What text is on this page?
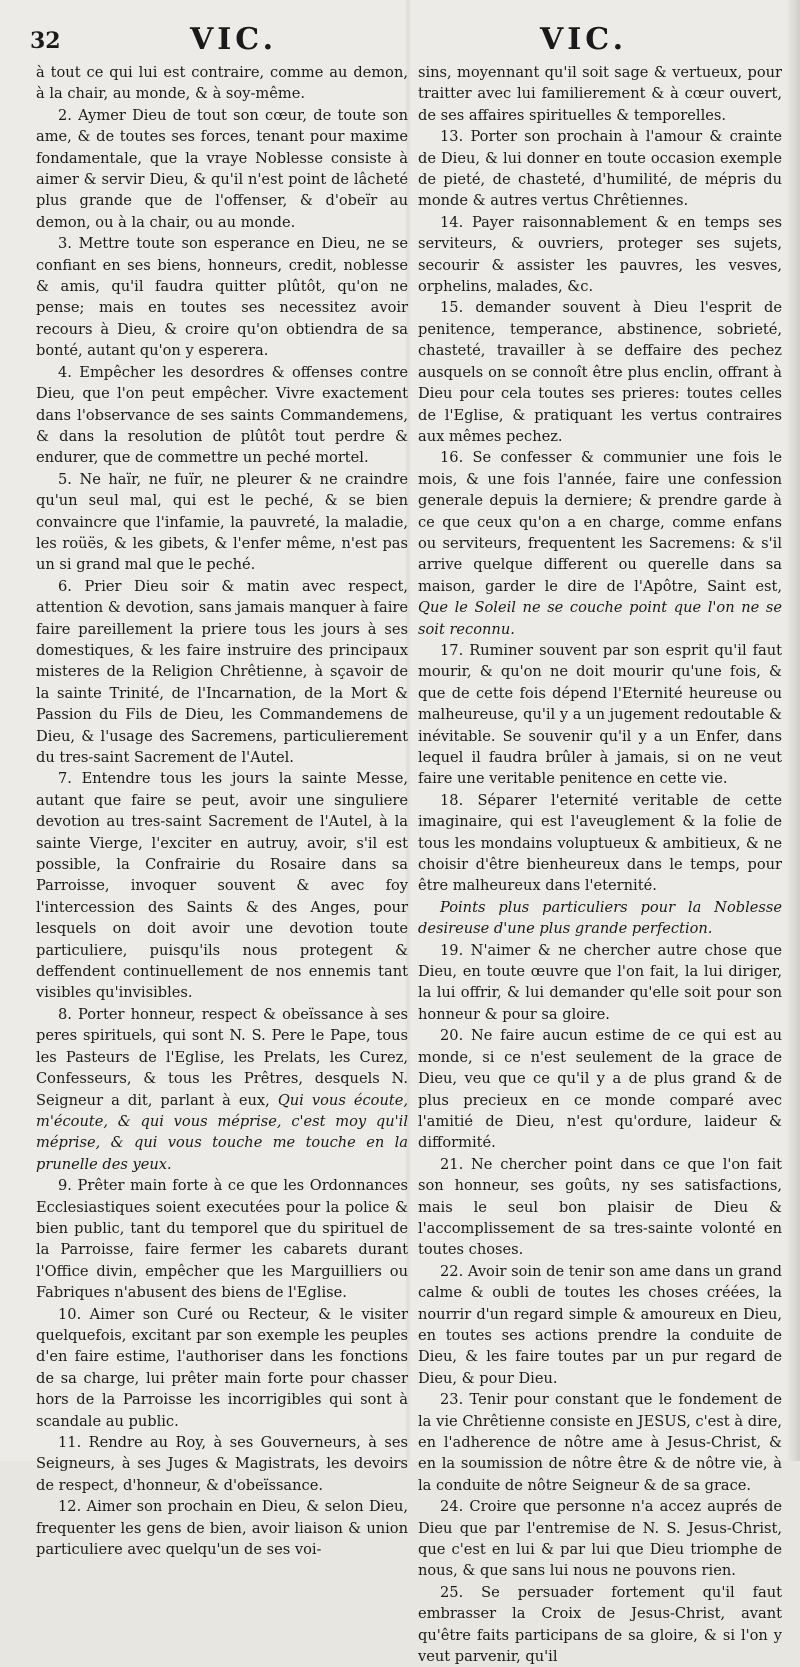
32	VIC.	VIC.

à tout ce qui lui est contraire, comme au demon, à la chair, au monde, & à soy-même.

2. Aymer Dieu de tout son cœur, de toute son ame, & de toutes ses forces, tenant pour maxime fondamentale, que la vraye Noblesse consiste à aimer & servir Dieu, & qu'il n'est point de lâcheté plus grande que de l'offenser, & d'obeïr au demon, ou à la chair, ou au monde.

3. Mettre toute son esperance en Dieu, ne se confiant en ses biens, honneurs, credit, noblesse & amis, qu'il faudra quitter plûtôt, qu'on ne pense; mais en toutes ses necessitez avoir recours à Dieu, & croire qu'on obtiendra de sa bonté, autant qu'on y esperera.

4. Empêcher les desordres & offenses contre Dieu, que l'on peut empêcher. Vivre exactement dans l'observance de ses saints Commandemens, & dans la resolution de plûtôt tout perdre & endurer, que de commettre un peché mortel.

5. Ne haïr, ne fuïr, ne pleurer & ne craindre qu'un seul mal, qui est le peché, & se bien convaincre que l'infamie, la pauvreté, la maladie, les roüës, & les gibets, & l'enfer même, n'est pas un si grand mal que le peché.

6. Prier Dieu soir & matin avec respect, attention & devotion, sans jamais manquer à faire faire pareillement la priere tous les jours à ses domestiques, & les faire instruire des principaux misteres de la Religion Chrêtienne, à sçavoir de la sainte Trinité, de l'Incarnation, de la Mort & Passion du Fils de Dieu, les Commandemens de Dieu, & l'usage des Sacremens, particulierement du tres-saint Sacrement de l'Autel.

7. Entendre tous les jours la sainte Messe, autant que faire se peut, avoir une singuliere devotion au tres-saint Sacrement de l'Autel, à la sainte Vierge, l'exciter en autruy, avoir, s'il est possible, la Confrairie du Rosaire dans sa Parroisse, invoquer souvent & avec foy l'intercession des Saints & des Anges, pour lesquels on doit avoir une devotion toute particuliere, puisqu'ils nous protegent & deffendent continuellement de nos ennemis tant visibles qu'invisibles.

8. Porter honneur, respect & obeïssance à ses peres spirituels, qui sont N. S. Pere le Pape, tous les Pasteurs de l'Eglise, les Prelats, les Curez, Confesseurs, & tous les Prêtres, desquels N. Seigneur a dit, parlant à eux, Qui vous écoute, m'écoute, & qui vous méprise, c'est moy qu'il méprise, & qui vous touche me touche en la prunelle des yeux.

9. Prêter main forte à ce que les Ordonnances Ecclesiastiques soient executées pour la police & bien public, tant du temporel que du spirituel de la Parroisse, faire fermer les cabarets durant l'Office divin, empêcher que les Marguilliers ou Fabriques n'abusent des biens de l'Eglise.

10. Aimer son Curé ou Recteur, & le visiter quelquefois, excitant par son exemple les peuples d'en faire estime, l'authoriser dans les fonctions de sa charge, lui prêter main forte pour chasser hors de la Parroisse les incorrigibles qui sont à scandale au public.

11. Rendre au Roy, à ses Gouverneurs, à ses Seigneurs, à ses Juges & Magistrats, les devoirs de respect, d'honneur, & d'obeïssance.

12. Aimer son prochain en Dieu, & selon Dieu, frequenter les gens de bien, avoir liaison & union particuliere avec quelqu'un de ses voi-

sins, moyennant qu'il soit sage & vertueux, pour traitter avec lui familierement & à cœur ouvert, de ses affaires spirituelles & temporelles.

13. Porter son prochain à l'amour & crainte de Dieu, & lui donner en toute occasion exemple de pieté, de chasteté, d'humilité, de mépris du monde & autres vertus Chrêtiennes.

14. Payer raisonnablement & en temps ses serviteurs, & ouvriers, proteger ses sujets, secourir & assister les pauvres, les vesves, orphelins, malades, &c.

15. demander souvent à Dieu l'esprit de penitence, temperance, abstinence, sobrieté, chasteté, travailler à se deffaire des pechez ausquels on se connoît être plus enclin, offrant à Dieu pour cela toutes ses prieres: toutes celles de l'Eglise, & pratiquant les vertus contraires aux mêmes pechez.

16. Se confesser & communier une fois le mois, & une fois l'année, faire une confession generale depuis la derniere; & prendre garde à ce que ceux qu'on a en charge, comme enfans ou serviteurs, frequentent les Sacremens: & s'il arrive quelque different ou querelle dans sa maison, garder le dire de l'Apôtre, Saint est, Que le Soleil ne se couche point que l'on ne se soit reconnu.

17. Ruminer souvent par son esprit qu'il faut mourir, & qu'on ne doit mourir qu'une fois, & que de cette fois dépend l'Eternité heureuse ou malheureuse, qu'il y a un jugement redoutable & inévitable. Se souvenir qu'il y a un Enfer, dans lequel il faudra brûler à jamais, si on ne veut faire une veritable penitence en cette vie.

18. Séparer l'eternité veritable de cette imaginaire, qui est l'aveuglement & la folie de tous les mondains voluptueux & ambitieux, & ne choisir d'être bienheureux dans le temps, pour être malheureux dans l'eternité.

Points plus particuliers pour la Noblesse desireuse d'une plus grande perfection.

19. N'aimer & ne chercher autre chose que Dieu, en toute œuvre que l'on fait, la lui diriger, la lui offrir, & lui demander qu'elle soit pour son honneur & pour sa gloire.

20. Ne faire aucun estime de ce qui est au monde, si ce n'est seulement de la grace de Dieu, veu que ce qu'il y a de plus grand & de plus precieux en ce monde comparé avec l'amitié de Dieu, n'est qu'ordure, laideur & difformité.

21. Ne chercher point dans ce que l'on fait son honneur, ses goûts, ny ses satisfactions, mais le seul bon plaisir de Dieu & l'accomplissement de sa tres-sainte volonté en toutes choses.

22. Avoir soin de tenir son ame dans un grand calme & oubli de toutes les choses créées, la nourrir d'un regard simple & amoureux en Dieu, en toutes ses actions prendre la conduite de Dieu, & les faire toutes par un pur regard de Dieu, & pour Dieu.

23. Tenir pour constant que le fondement de la vie Chrêtienne consiste en JESUS, c'est à dire, en l'adherence de nôtre ame à Jesus-Christ, & en la soumission de nôtre être & de nôtre vie, à la conduite de nôtre Seigneur & de sa grace.

24. Croire que personne n'a accez auprés de Dieu que par l'entremise de N. S. Jesus-Christ, que c'est en lui & par lui que Dieu triomphe de nous, & que sans lui nous ne pouvons rien.

25. Se persuader fortement qu'il faut embrasser la Croix de Jesus-Christ, avant qu'être faits participans de sa gloire, & si l'on y veut parvenir, qu'il
